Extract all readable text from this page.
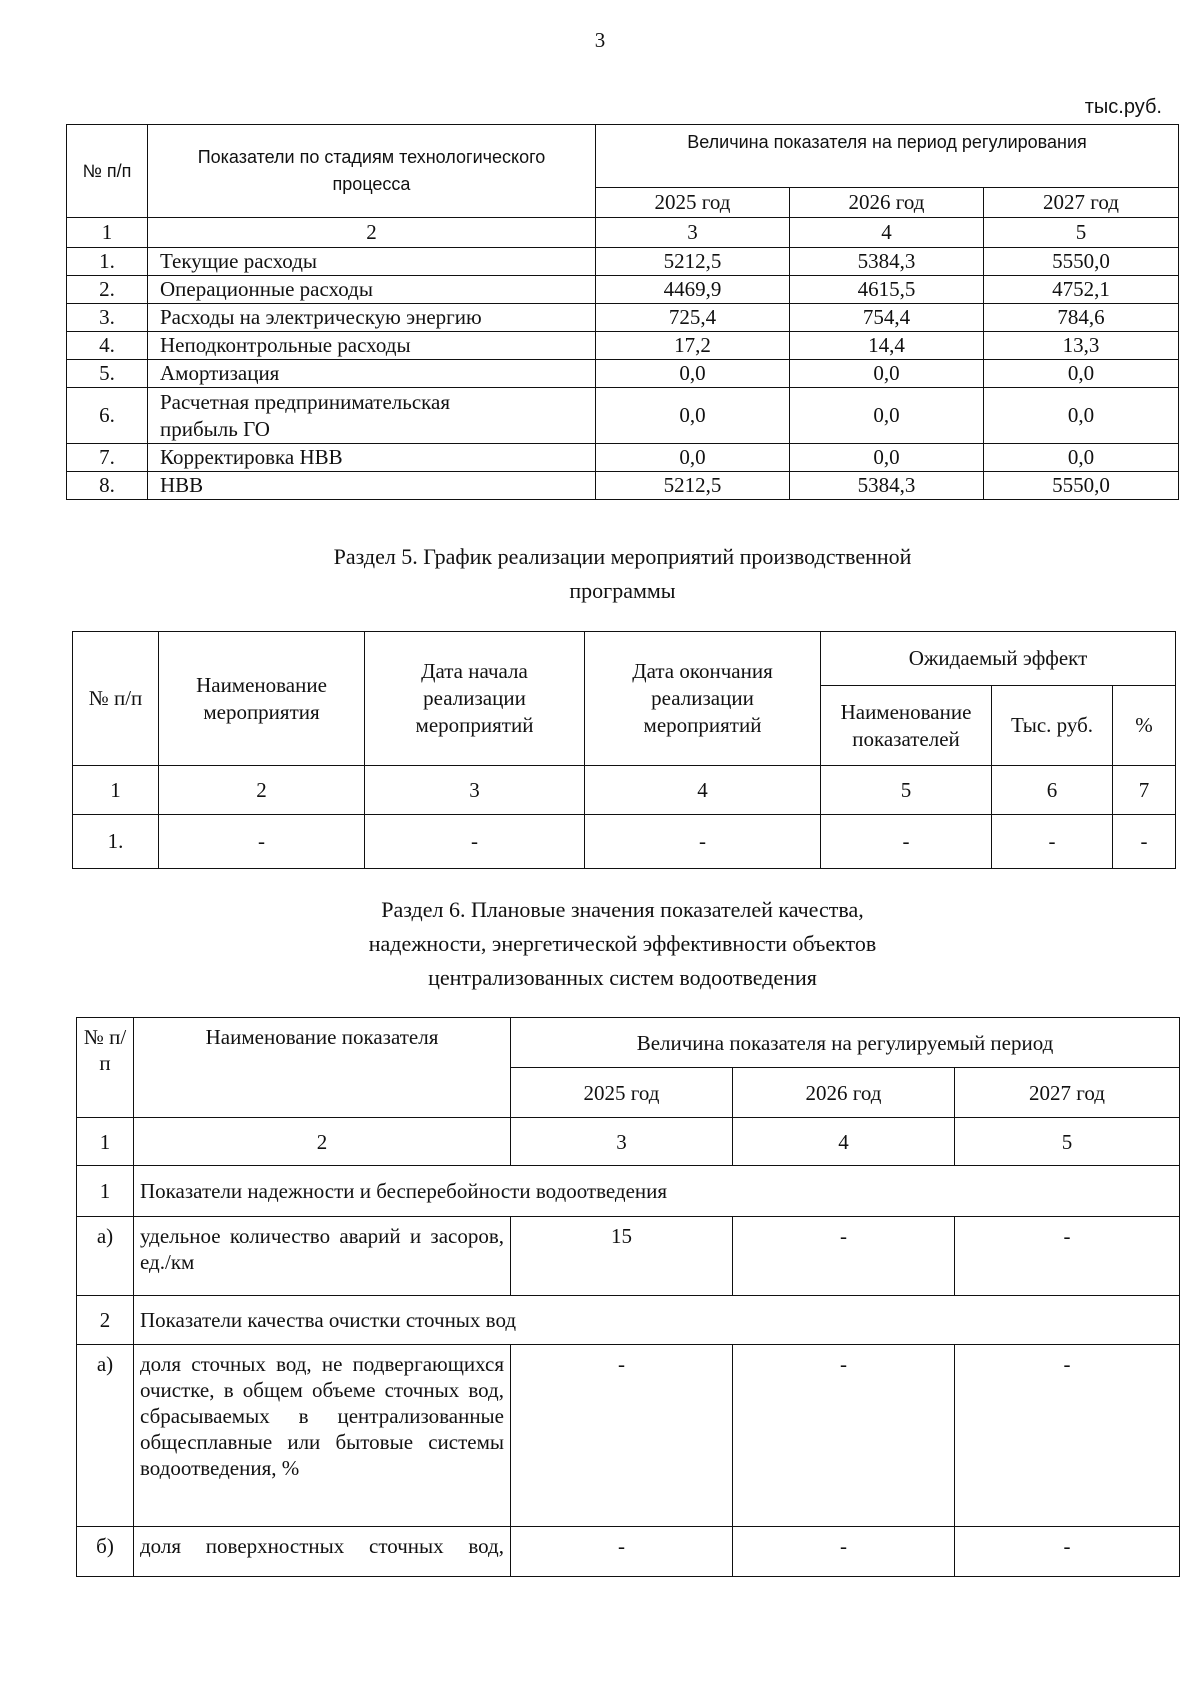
3
тыс.руб.
№ п/п	Показатели по стадиям технологического процесса	Величина показателя на период регулирования		
		2025 год	2026 год	2027 год
1	2	3	4	5
1.	Текущие расходы	5212,5	5384,3	5550,0
2.	Операционные расходы	4469,9	4615,5	4752,1
3.	Расходы на электрическую энергию	725,4	754,4	784,6
4.	Неподконтрольные расходы	17,2	14,4	13,3
5.	Амортизация	0,0	0,0	0,0
6.	Расчетная предпринимательская прибыль ГО	0,0	0,0	0,0
7.	Корректировка НВВ	0,0	0,0	0,0
8.	НВВ	5212,5	5384,3	5550,0
Раздел 5. График реализации мероприятий производственной
программы
№ п/п	Наименование мероприятия	Дата начала реализации мероприятий	Дата окончания реализации мероприятий	Ожидаемый эффект		
				Наименование показателей	Тыс. руб.	%
1	2	3	4	5	6	7
1.	-	-	-	-	-	-
Раздел 6. Плановые значения показателей качества,
надежности, энергетической эффективности объектов
централизованных систем водоотведения
№ п/п	Наименование показателя	Величина показателя на регулируемый период		
		2025 год	2026 год	2027 год
1	2	3	4	5
1	Показатели надежности и бесперебойности водоотведения			
а)	удельное количество аварий и засоров, ед./км	15	-	-
2	Показатели качества очистки сточных вод			
а)	доля сточных вод, не подвергающихся очистке, в общем объеме сточных вод, сбрасываемых в централизованные общесплавные или бытовые системы водоотведения, %	-	-	-
б)	доля поверхностных сточных вод,	-	-	-
